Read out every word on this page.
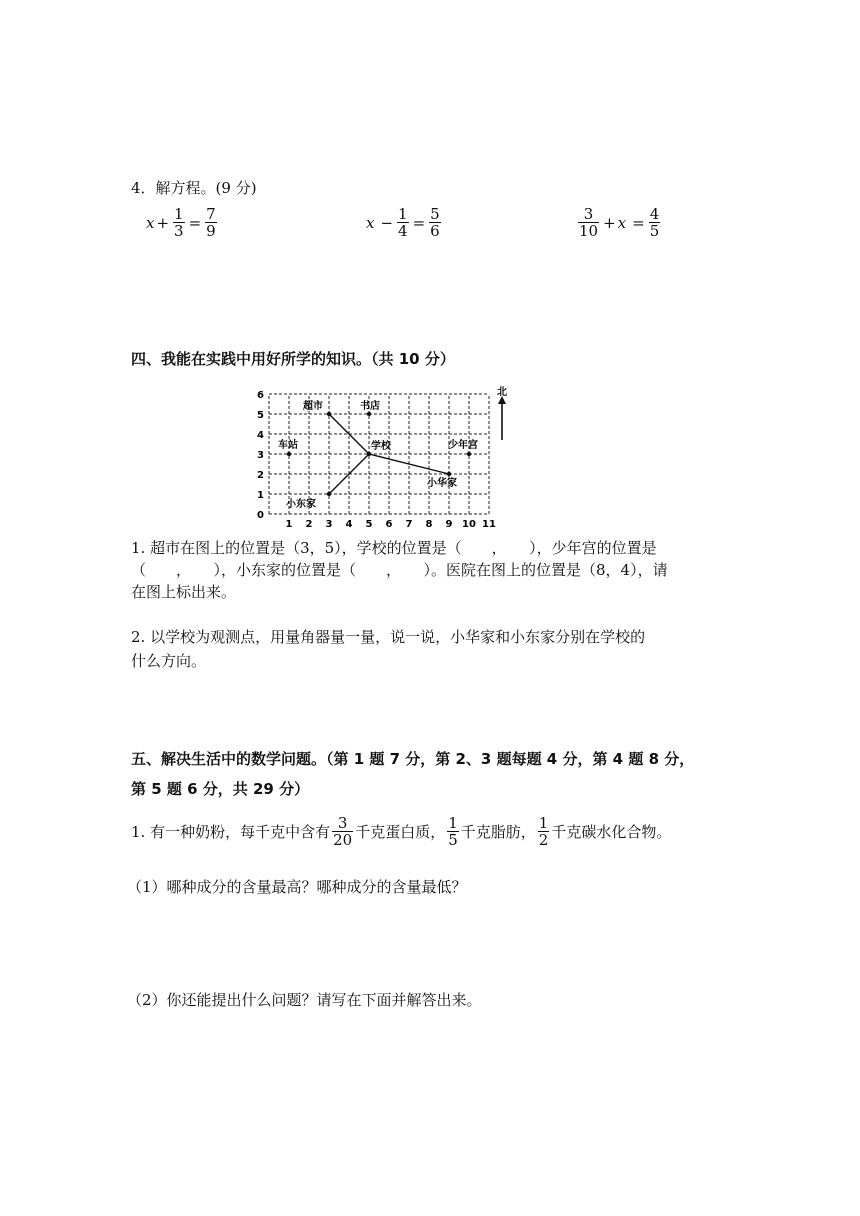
4．解方程。(9 分)
$x + \frac{1}{3} = \frac{7}{9}$	$x - \frac{1}{4} = \frac{5}{6}$	$\frac{3}{10} + x = \frac{4}{5}$
四、我能在实践中用好所学的知识。（共 10 分）
1 2 3 4 5 6 7 8 9 10 11
0
1
2
3
4
5
6
超市	书店
车站	学校	少年宫
小华家
小东家
北
1. 超市在图上的位置是（3，5），学校的位置是（　　，　　），少年宫的位置是
（　　，　　），小东家的位置是（　　，　　）。医院在图上的位置是（8，4），请
在图上标出来。
2. 以学校为观测点，用量角器量一量，说一说，小华家和小东家分别在学校的
什么方向。
五、解决生活中的数学问题。（第 1 题 7 分，第 2、3 题每题 4 分，第 4 题 8 分，
第 5 题 6 分，共 29 分）
1. 有一种奶粉，每千克中含有 $\frac{3}{20}$ 千克蛋白质， $\frac{1}{5}$ 千克脂肪， $\frac{1}{2}$ 千克碳水化合物。
（1）哪种成分的含量最高？哪种成分的含量最低？
（2）你还能提出什么问题？请写在下面并解答出来。
